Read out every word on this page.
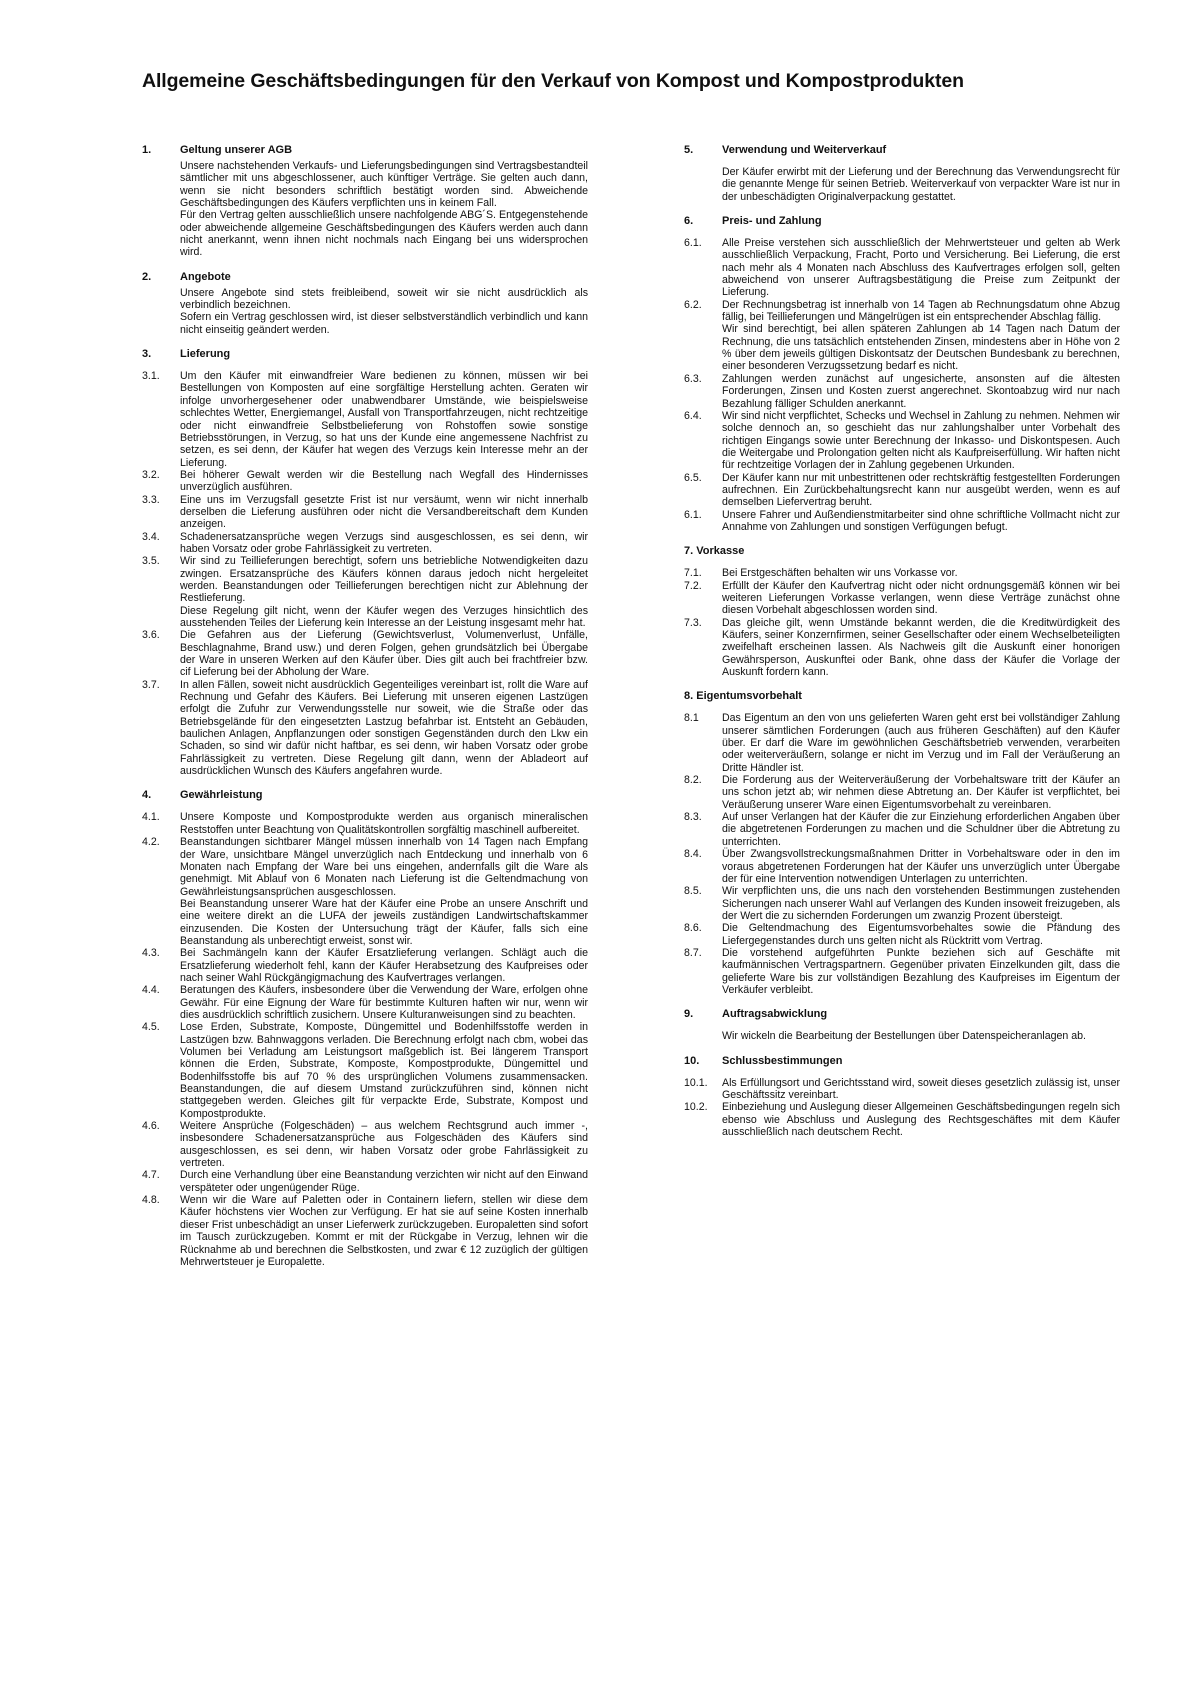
Allgemeine Geschäftsbedingungen für den Verkauf von Kompost und Kompostprodukten
1.	Geltung unserer AGB

Unsere nachstehenden Verkaufs- und Lieferungsbedingungen sind Vertragsbestandteil sämtlicher mit uns abgeschlossener, auch künftiger Verträge. Sie gelten auch dann, wenn sie nicht besonders schriftlich bestätigt worden sind. Abweichende Geschäftsbedingungen des Käufers verpflichten uns in keinem Fall.

Für den Vertrag gelten ausschließlich unsere nachfolgende ABG´S. Entgegenstehende oder abweichende allgemeine Geschäftsbedingungen des Käufers werden auch dann nicht anerkannt, wenn ihnen nicht nochmals nach Eingang bei uns widersprochen wird.

2.	Angebote

Unsere Angebote sind stets freibleibend, soweit wir sie nicht ausdrücklich als verbindlich bezeichnen.

Sofern ein Vertrag geschlossen wird, ist dieser selbstverständlich verbindlich und kann nicht einseitig geändert werden.

3.	Lieferung
3.1.	Um den Käufer mit einwandfreier Ware bedienen zu können, müssen wir bei Bestellungen von Komposten auf eine sorgfältige Herstellung achten. Geraten wir infolge unvorhergesehener oder unabwendbarer Umstände, wie beispielsweise schlechtes Wetter, Energiemangel, Ausfall von Transportfahrzeugen, nicht rechtzeitige oder nicht einwandfreie Selbstbelieferung von Rohstoffen sowie sonstige Betriebsstörungen, in Verzug, so hat uns der Kunde eine angemessene Nachfrist zu setzen, es sei denn, der Käufer hat wegen des Verzugs kein Interesse mehr an der Lieferung.

3.2.	Bei höherer Gewalt werden wir die Bestellung nach Wegfall des Hindernisses unverzüglich ausführen.

3.3.	Eine uns im Verzugsfall gesetzte Frist ist nur versäumt, wenn wir nicht innerhalb derselben die Lieferung ausführen oder nicht die Versandbereitschaft dem Kunden anzeigen.

3.4.	Schadenersatzansprüche wegen Verzugs sind ausgeschlossen, es sei denn, wir haben Vorsatz oder grobe Fahrlässigkeit zu vertreten.

3.5.	Wir sind zu Teillieferungen berechtigt, sofern uns betriebliche Notwendigkeiten dazu zwingen. Ersatzansprüche des Käufers können daraus jedoch nicht hergeleitet werden. Beanstandungen oder Teillieferungen berechtigen nicht zur Ablehnung der Restlieferung.

Diese Regelung gilt nicht, wenn der Käufer wegen des Verzuges hinsichtlich des ausstehenden Teiles der Lieferung kein Interesse an der Leistung insgesamt mehr hat.

3.6.	Die Gefahren aus der Lieferung (Gewichtsverlust, Volumenverlust, Unfälle, Beschlagnahme, Brand usw.) und deren Folgen, gehen grundsätzlich bei Übergabe der Ware in unseren Werken auf den Käufer über. Dies gilt auch bei frachtfreier bzw. cif Lieferung bei der Abholung der Ware.

3.7.	In allen Fällen, soweit nicht ausdrücklich Gegenteiliges vereinbart ist, rollt die Ware auf Rechnung und Gefahr des Käufers. Bei Lieferung mit unseren eigenen Lastzügen erfolgt die Zufuhr zur Verwendungsstelle nur soweit, wie die Straße oder das Betriebsgelände für den eingesetzten Lastzug befahrbar ist. Entsteht an Gebäuden, baulichen Anlagen, Anpflanzungen oder sonstigen Gegenständen durch den Lkw ein Schaden, so sind wir dafür nicht haftbar, es sei denn, wir haben Vorsatz oder grobe Fahrlässigkeit zu vertreten. Diese Regelung gilt dann, wenn der Abladeort auf ausdrücklichen Wunsch des Käufers angefahren wurde.

4.	Gewährleistung
4.1.	Unsere Komposte und Kompostprodukte werden aus organisch mineralischen Reststoffen unter Beachtung von Qualitätskontrollen sorgfältig maschinell aufbereitet.

4.2.	Beanstandungen sichtbarer Mängel müssen innerhalb von 14 Tagen nach Empfang der Ware, unsichtbare Mängel unverzüglich nach Entdeckung und innerhalb von 6 Monaten nach Empfang der Ware bei uns eingehen, andernfalls gilt die Ware als genehmigt. Mit Ablauf von 6 Monaten nach Lieferung ist die Geltendmachung von Gewährleistungsansprüchen ausgeschlossen.

Bei Beanstandung unserer Ware hat der Käufer eine Probe an unsere Anschrift und eine weitere direkt an die LUFA der jeweils zuständigen Landwirtschaftskammer einzusenden. Die Kosten der Untersuchung trägt der Käufer, falls sich eine Beanstandung als unberechtigt erweist, sonst wir.

4.3.	Bei Sachmängeln kann der Käufer Ersatzlieferung verlangen. Schlägt auch die Ersatzlieferung wiederholt fehl, kann der Käufer Herabsetzung des Kaufpreises oder nach seiner Wahl Rückgängigmachung des Kaufvertrages verlangen.

4.4.	Beratungen des Käufers, insbesondere über die Verwendung der Ware, erfolgen ohne Gewähr. Für eine Eignung der Ware für bestimmte Kulturen haften wir nur, wenn wir dies ausdrücklich schriftlich zusichern. Unsere Kulturanweisungen sind zu beachten.

4.5.	Lose Erden, Substrate, Komposte, Düngemittel und Bodenhilfsstoffe werden in Lastzügen bzw. Bahnwaggons verladen. Die Berechnung erfolgt nach cbm, wobei das Volumen bei Verladung am Leistungsort maßgeblich ist. Bei längerem Transport können die Erden, Substrate, Komposte, Kompostprodukte, Düngemittel und Bodenhilfsstoffe bis auf 70 % des ursprünglichen Volumens zusammensacken. Beanstandungen, die auf diesem Umstand zurückzuführen sind, können nicht stattgegeben werden. Gleiches gilt für verpackte Erde, Substrate, Kompost und Kompostprodukte.

4.6.	Weitere Ansprüche (Folgeschäden) – aus welchem Rechtsgrund auch immer -, insbesondere Schadenersatzansprüche aus Folgeschäden des Käufers sind ausgeschlossen, es sei denn, wir haben Vorsatz oder grobe Fahrlässigkeit zu vertreten.

4.7.	Durch eine Verhandlung über eine Beanstandung verzichten wir nicht auf den Einwand verspäteter oder ungenügender Rüge.

4.8.	Wenn wir die Ware auf Paletten oder in Containern liefern, stellen wir diese dem Käufer höchstens vier Wochen zur Verfügung. Er hat sie auf seine Kosten innerhalb dieser Frist unbeschädigt an unser Lieferwerk zurückzugeben. Europaletten sind sofort im Tausch zurückzugeben. Kommt er mit der Rückgabe in Verzug, lehnen wir die Rücknahme ab und berechnen die Selbstkosten, und zwar € 12 zuzüglich der gültigen Mehrwertsteuer je Europalette.

5.	Verwendung und Weiterverkauf

Der Käufer erwirbt mit der Lieferung und der Berechnung das Verwendungsrecht für die genannte Menge für seinen Betrieb. Weiterverkauf von verpackter Ware ist nur in der unbeschädigten Originalverpackung gestattet.

6.	Preis- und Zahlung
6.1.	Alle Preise verstehen sich ausschließlich der Mehrwertsteuer und gelten ab Werk ausschließlich Verpackung, Fracht, Porto und Versicherung. Bei Lieferung, die erst nach mehr als 4 Monaten nach Abschluss des Kaufvertrages erfolgen soll, gelten abweichend von unserer Auftragsbestätigung die Preise zum Zeitpunkt der Lieferung.

6.2.	Der Rechnungsbetrag ist innerhalb von 14 Tagen ab Rechnungsdatum ohne Abzug fällig, bei Teillieferungen und Mängelrügen ist ein entsprechender Abschlag fällig.

Wir sind berechtigt, bei allen späteren Zahlungen ab 14 Tagen nach Datum der Rechnung, die uns tatsächlich entstehenden Zinsen, mindestens aber in Höhe von 2 % über dem jeweils gültigen Diskontsatz der Deutschen Bundesbank zu berechnen, einer besonderen Verzugssetzung bedarf es nicht.

6.3.	Zahlungen werden zunächst auf ungesicherte, ansonsten auf die ältesten Forderungen, Zinsen und Kosten zuerst angerechnet. Skontoabzug wird nur nach Bezahlung fälliger Schulden anerkannt.

6.4.	Wir sind nicht verpflichtet, Schecks und Wechsel in Zahlung zu nehmen. Nehmen wir solche dennoch an, so geschieht das nur zahlungshalber unter Vorbehalt des richtigen Eingangs sowie unter Berechnung der Inkasso- und Diskontspesen. Auch die Weitergabe und Prolongation gelten nicht als Kaufpreiserfüllung. Wir haften nicht für rechtzeitige Vorlagen der in Zahlung gegebenen Urkunden.

6.5.	Der Käufer kann nur mit unbestrittenen oder rechtskräftig festgestellten Forderungen aufrechnen. Ein Zurückbehaltungsrecht kann nur ausgeübt werden, wenn es auf demselben Liefervertrag beruht.

6.1.	Unsere Fahrer und Außendienstmitarbeiter sind ohne schriftliche Vollmacht nicht zur Annahme von Zahlungen und sonstigen Verfügungen befugt.

7. Vorkasse
7.1.	Bei Erstgeschäften behalten wir uns Vorkasse vor.

7.2.	Erfüllt der Käufer den Kaufvertrag nicht oder nicht ordnungsgemäß können wir bei weiteren Lieferungen Vorkasse verlangen, wenn diese Verträge zunächst ohne diesen Vorbehalt abgeschlossen worden sind.

7.3.	Das gleiche gilt, wenn Umstände bekannt werden, die die Kreditwürdigkeit des Käufers, seiner Konzernfirmen, seiner Gesellschafter oder einem Wechselbeteiligten zweifelhaft erscheinen lassen. Als Nachweis gilt die Auskunft einer honorigen Gewährsperson, Auskunftei oder Bank, ohne dass der Käufer die Vorlage der Auskunft fordern kann.

8. Eigentumsvorbehalt
8.1	Das Eigentum an den von uns gelieferten Waren geht erst bei vollständiger Zahlung unserer sämtlichen Forderungen (auch aus früheren Geschäften) auf den Käufer über. Er darf die Ware im gewöhnlichen Geschäftsbetrieb verwenden, verarbeiten oder weiterveräußern, solange er nicht im Verzug und im Fall der Veräußerung an Dritte Händler ist.

8.2.	Die Forderung aus der Weiterveräußerung der Vorbehaltsware tritt der Käufer an uns schon jetzt ab; wir nehmen diese Abtretung an. Der Käufer ist verpflichtet, bei Veräußerung unserer Ware einen Eigentumsvorbehalt zu vereinbaren.

8.3.	Auf unser Verlangen hat der Käufer die zur Einziehung erforderlichen Angaben über die abgetretenen Forderungen zu machen und die Schuldner über die Abtretung zu unterrichten.

8.4.	Über Zwangsvollstreckungsmaßnahmen Dritter in Vorbehaltsware oder in den im voraus abgetretenen Forderungen hat der Käufer uns unverzüglich unter Übergabe der für eine Intervention notwendigen Unterlagen zu unterrichten.

8.5.	Wir verpflichten uns, die uns nach den vorstehenden Bestimmungen zustehenden Sicherungen nach unserer Wahl auf Verlangen des Kunden insoweit freizugeben, als der Wert die zu sichernden Forderungen um zwanzig Prozent übersteigt.

8.6.	Die Geltendmachung des Eigentumsvorbehaltes sowie die Pfändung des Liefergegenstandes durch uns gelten nicht als Rücktritt vom Vertrag.

8.7.	Die vorstehend aufgeführten Punkte beziehen sich auf Geschäfte mit kaufmännischen Vertragspartnern. Gegenüber privaten Einzelkunden gilt, dass die gelieferte Ware bis zur vollständigen Bezahlung des Kaufpreises im Eigentum der Verkäufer verbleibt.

9.	Auftragsabwicklung

Wir wickeln die Bearbeitung der Bestellungen über Datenspeicheranlagen ab.

10.	Schlussbestimmungen
10.1.	Als Erfüllungsort und Gerichtsstand wird, soweit dieses gesetzlich zulässig ist, unser Geschäftssitz vereinbart.

10.2.	Einbeziehung und Auslegung dieser Allgemeinen Geschäftsbedingungen regeln sich ebenso wie Abschluss und Auslegung des Rechtsgeschäftes mit dem Käufer ausschließlich nach deutschem Recht.
